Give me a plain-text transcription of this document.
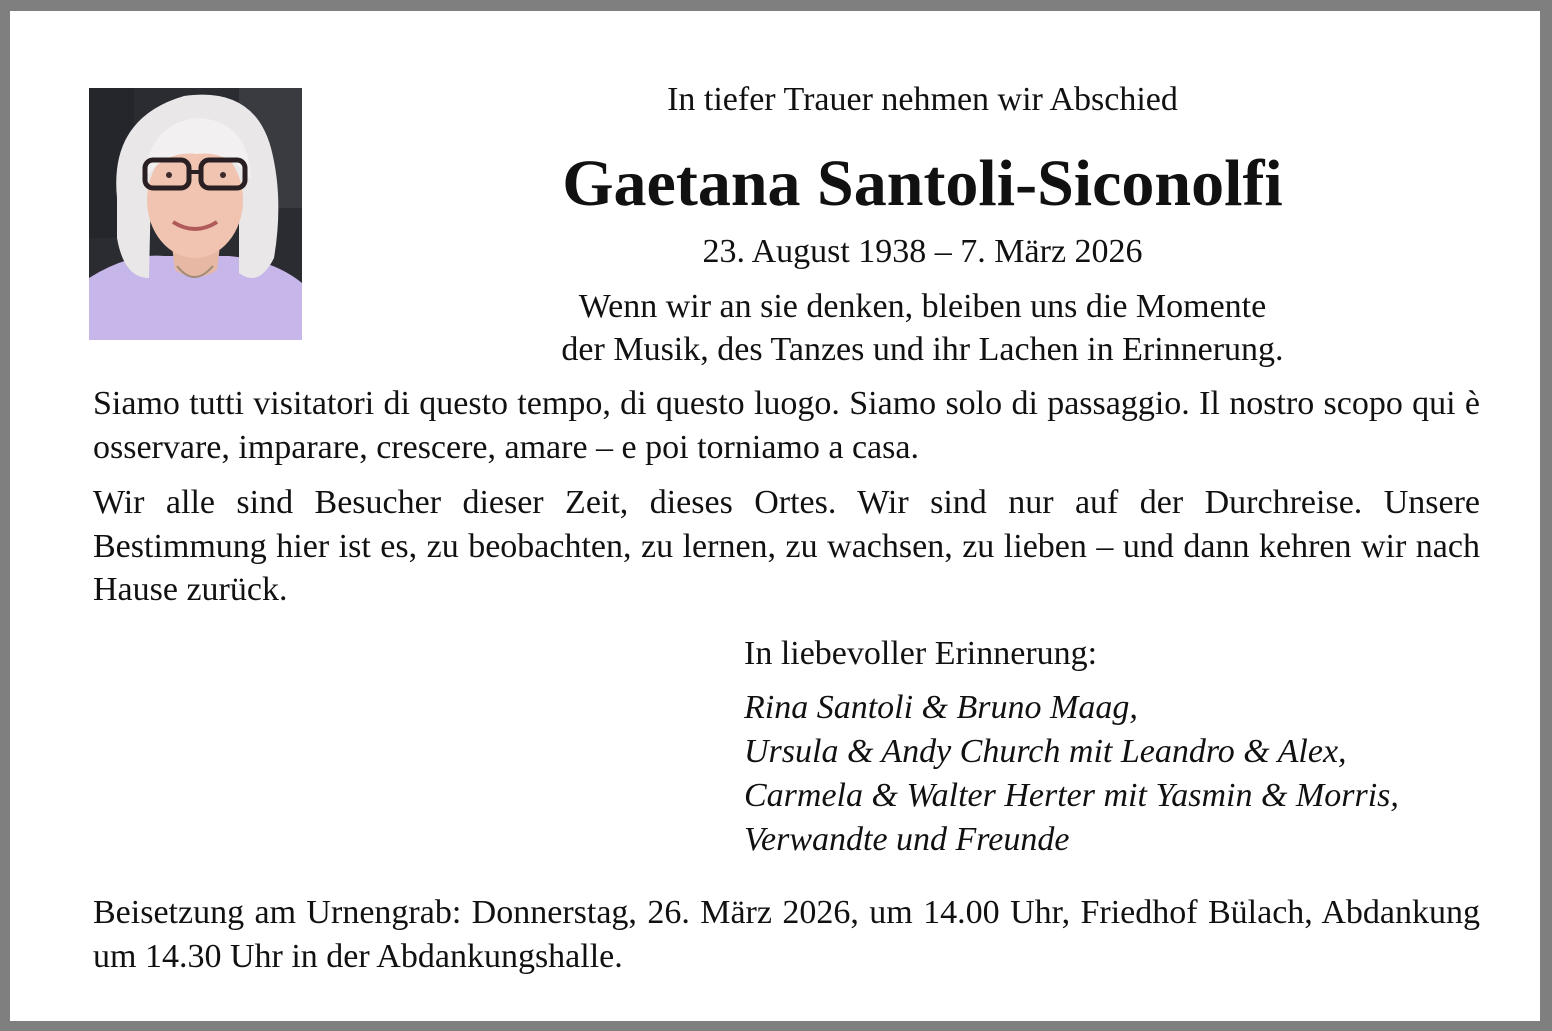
In tiefer Trauer nehmen wir Abschied
Gaetana Santoli-Siconolfi
23. August 1938 – 7. März 2026
Wenn wir an sie denken, bleiben uns die Momente
der Musik, des Tanzes und ihr Lachen in Erinnerung.
Siamo tutti visitatori di questo tempo, di questo luogo. Siamo solo di passaggio. Il nostro scopo qui è osservare, imparare, crescere, amare – e poi torniamo a casa.
Wir alle sind Besucher dieser Zeit, dieses Ortes. Wir sind nur auf der Durchreise. Unsere Bestimmung hier ist es, zu beobachten, zu lernen, zu wachsen, zu lieben – und dann kehren wir nach Hause zurück.
In liebevoller Erinnerung:
Rina Santoli & Bruno Maag,
Ursula & Andy Church mit Leandro & Alex,
Carmela & Walter Herter mit Yasmin & Morris,
Verwandte und Freunde
Beisetzung am Urnengrab: Donnerstag, 26. März 2026, um 14.00 Uhr, Friedhof Bülach, Abdankung um 14.30 Uhr in der Abdankungshalle.
